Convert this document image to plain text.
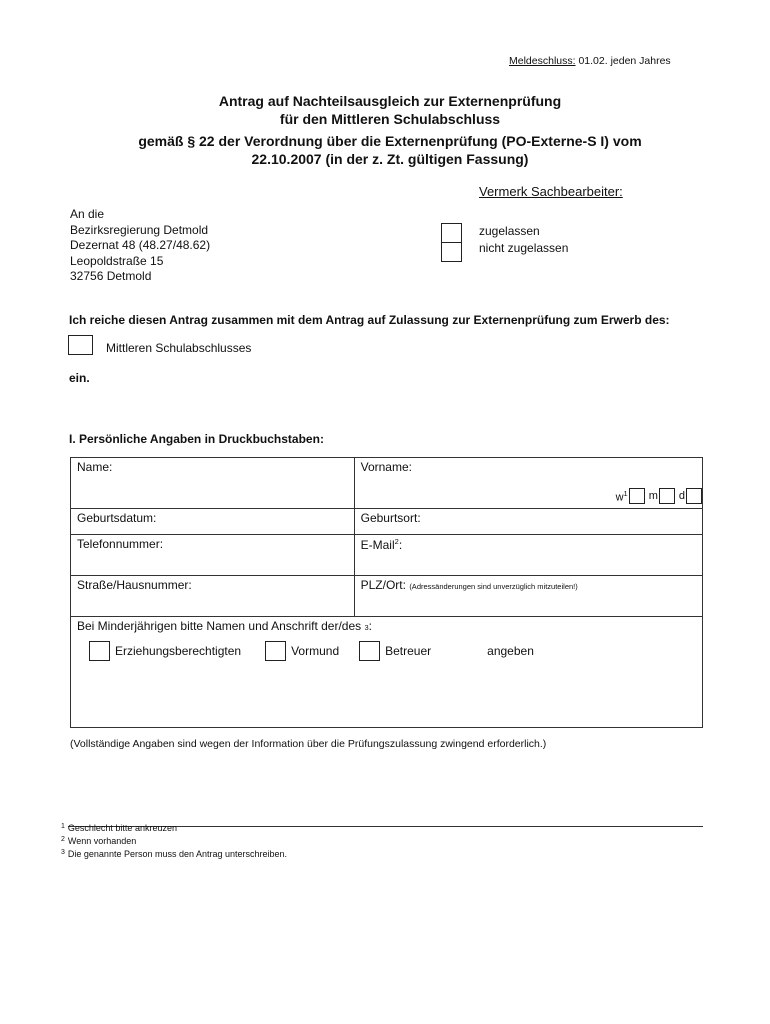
Meldeschluss: 01.02. jeden Jahres
Antrag auf Nachteilsausgleich zur Externenprüfung
für den Mittleren Schulabschluss
gemäß § 22 der Verordnung über die Externenprüfung (PO-Externe-S I) vom
22.10.2007 (in der z. Zt. gültigen Fassung)
Vermerk Sachbearbeiter:
An die
Bezirksregierung Detmold
Dezernat 48 (48.27/48.62)
Leopoldstraße 15
32756 Detmold
zugelassen
nicht zugelassen
Ich reiche diesen Antrag zusammen mit dem Antrag auf Zulassung zur Externenprüfung zum Erwerb des:
Mittleren Schulabschlusses
ein.
I. Persönliche Angaben in Druckbuchstaben:
Name:	Vorname:
$w^1$ m d

Geburtsdatum:	Geburtsort:
Telefonnummer:	E-Mail$^2$:
Straße/Hausnummer:	PLZ/Ort: (Adressänderungen sind unverzüglich mitzuteilen!)

Bei Minderjährigen bitte Namen und Anschrift der/des 3:
Erziehungsberechtigten Vormund Betreuer angeben	
(Vollständige Angaben sind wegen der Information über die Prüfungszulassung zwingend erforderlich.)
$^1$ Geschlecht bitte ankreuzen
$^2$ Wenn vorhanden
$^3$ Die genannte Person muss den Antrag unterschreiben.
